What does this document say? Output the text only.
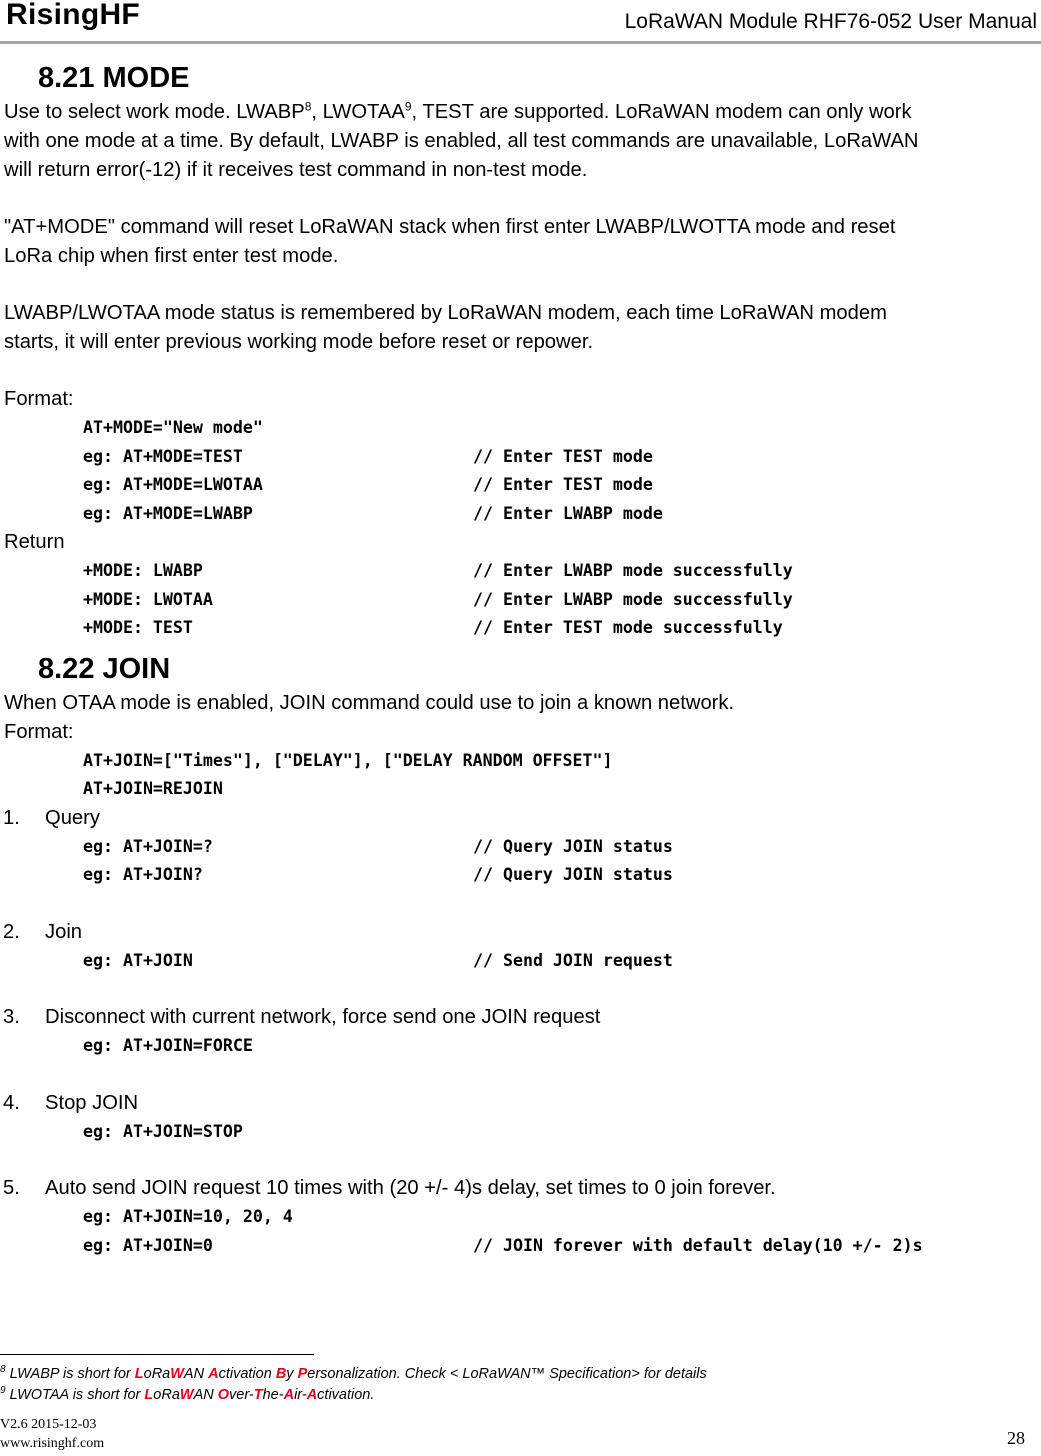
RisingHF	LoRaWAN Module RHF76-052 User Manual
8.21 MODE
Use to select work mode. LWABP$^8$, LWOTAA$^9$, TEST are supported. LoRaWAN modem can only work
with one mode at a time. By default, LWABP is enabled, all test commands are unavailable, LoRaWAN
will return error(-12) if it receives test command in non-test mode.
"AT+MODE" command will reset LoRaWAN stack when first enter LWABP/LWOTTA mode and reset
LoRa chip when first enter test mode.
LWABP/LWOTAA mode status is remembered by LoRaWAN modem, each time LoRaWAN modem
starts, it will enter previous working mode before reset or repower.
Format:
AT+MODE="New mode"
eg: AT+MODE=TEST	// Enter TEST mode
eg: AT+MODE=LWOTAA	// Enter TEST mode
eg: AT+MODE=LWABP	// Enter LWABP mode
Return
+MODE: LWABP	// Enter LWABP mode successfully
+MODE: LWOTAA	// Enter LWABP mode successfully
+MODE: TEST	// Enter TEST mode successfully
8.22 JOIN
When OTAA mode is enabled, JOIN command could use to join a known network.
Format:
AT+JOIN=["Times"], ["DELAY"], ["DELAY RANDOM OFFSET"]
AT+JOIN=REJOIN
1. Query
eg: AT+JOIN=?	// Query JOIN status
eg: AT+JOIN?	// Query JOIN status
2. Join
eg: AT+JOIN	// Send JOIN request
3. Disconnect with current network, force send one JOIN request
eg: AT+JOIN=FORCE
4. Stop JOIN
eg: AT+JOIN=STOP
5. Auto send JOIN request 10 times with (20 +/- 4)s delay, set times to 0 join forever.
eg: AT+JOIN=10, 20, 4
eg: AT+JOIN=0	// JOIN forever with default delay(10 +/- 2)s
$^8$ LWABP is short for LoRaWAN Activation By Personalization. Check < LoRaWAN™ Specification> for details
$^9$ LWOTAA is short for LoRaWAN Over-The-Air-Activation.
V2.6 2015-12-03
www.risinghf.com	28
